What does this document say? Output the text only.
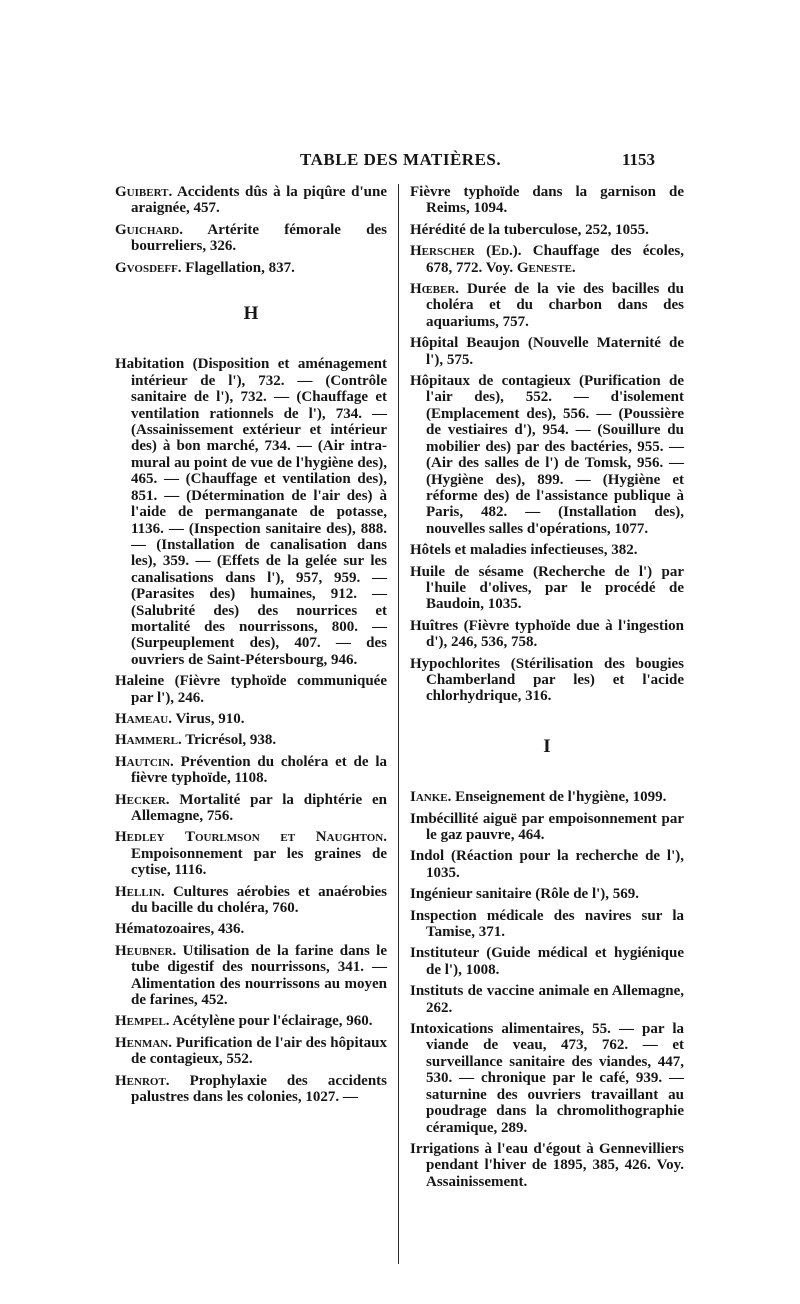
TABLE DES MATIÈRES.	1153
Guibert. Accidents dûs à la piqûre d'une araignée, 457.
Guichard. Artérite fémorale des bourreliers, 326.
Gvosdeff. Flagellation, 837.
H
Habitation (Disposition et aménagement intérieur de l'), 732. — (Contrôle sanitaire de l'), 732. — (Chauffage et ventilation rationnels de l'), 734. — (Assainissement extérieur et intérieur des) à bon marché, 734. — (Air intra-mural au point de vue de l'hygiène des), 465. — (Chauffage et ventilation des), 851. — (Détermination de l'air des) à l'aide de permanganate de potasse, 1136. — (Inspection sanitaire des), 888. — (Installation de canalisation dans les), 359. — (Effets de la gelée sur les canalisations dans l'), 957, 959. — (Parasites des) humaines, 912. — (Salubrité des) des nourrices et mortalité des nourrissons, 800. — (Surpeuplement des), 407. — des ouvriers de Saint-Pétersbourg, 946.
Haleine (Fièvre typhoïde communiquée par l'), 246.
Hameau. Virus, 910.
Hammerl. Tricrésol, 938.
Hautcin. Prévention du choléra et de la fièvre typhoïde, 1108.
Hecker. Mortalité par la diphtérie en Allemagne, 756.
Hedley Tourlmson et Naughton. Empoisonnement par les graines de cytise, 1116.
Hellin. Cultures aérobies et anaérobies du bacille du choléra, 760.
Hématozoaires, 436.
Heubner. Utilisation de la farine dans le tube digestif des nourrissons, 341. — Alimentation des nourrissons au moyen de farines, 452.
Hempel. Acétylène pour l'éclairage, 960.
Henman. Purification de l'air des hôpitaux de contagieux, 552.
Henrot. Prophylaxie des accidents palustres dans les colonies, 1027. —
Fièvre typhoïde dans la garnison de Reims, 1094.
Hérédité de la tuberculose, 252, 1055.
Herscher (Ed.). Chauffage des écoles, 678, 772. Voy. Geneste.
Hœber. Durée de la vie des bacilles du choléra et du charbon dans des aquariums, 757.
Hôpital Beaujon (Nouvelle Maternité de l'), 575.
Hôpitaux de contagieux (Purification de l'air des), 552. — d'isolement (Emplacement des), 556. — (Poussière de vestiaires d'), 954. — (Souillure du mobilier des) par des bactéries, 955. — (Air des salles de l') de Tomsk, 956. — (Hygiène des), 899. — (Hygiène et réforme des) de l'assistance publique à Paris, 482. — (Installation des), nouvelles salles d'opérations, 1077.
Hôtels et maladies infectieuses, 382.
Huile de sésame (Recherche de l') par l'huile d'olives, par le procédé de Baudoin, 1035.
Huîtres (Fièvre typhoïde due à l'ingestion d'), 246, 536, 758.
Hypochlorites (Stérilisation des bougies Chamberland par les) et l'acide chlorhydrique, 316.
I
Ianke. Enseignement de l'hygiène, 1099.
Imbécillité aiguë par empoisonnement par le gaz pauvre, 464.
Indol (Réaction pour la recherche de l'), 1035.
Ingénieur sanitaire (Rôle de l'), 569.
Inspection médicale des navires sur la Tamise, 371.
Instituteur (Guide médical et hygiénique de l'), 1008.
Instituts de vaccine animale en Allemagne, 262.
Intoxications alimentaires, 55. — par la viande de veau, 473, 762. — et surveillance sanitaire des viandes, 447, 530. — chronique par le café, 939. — saturnine des ouvriers travaillant au poudrage dans la chromolithographie céramique, 289.
Irrigations à l'eau d'égout à Gennevilliers pendant l'hiver de 1895, 385, 426. Voy. Assainissement.
